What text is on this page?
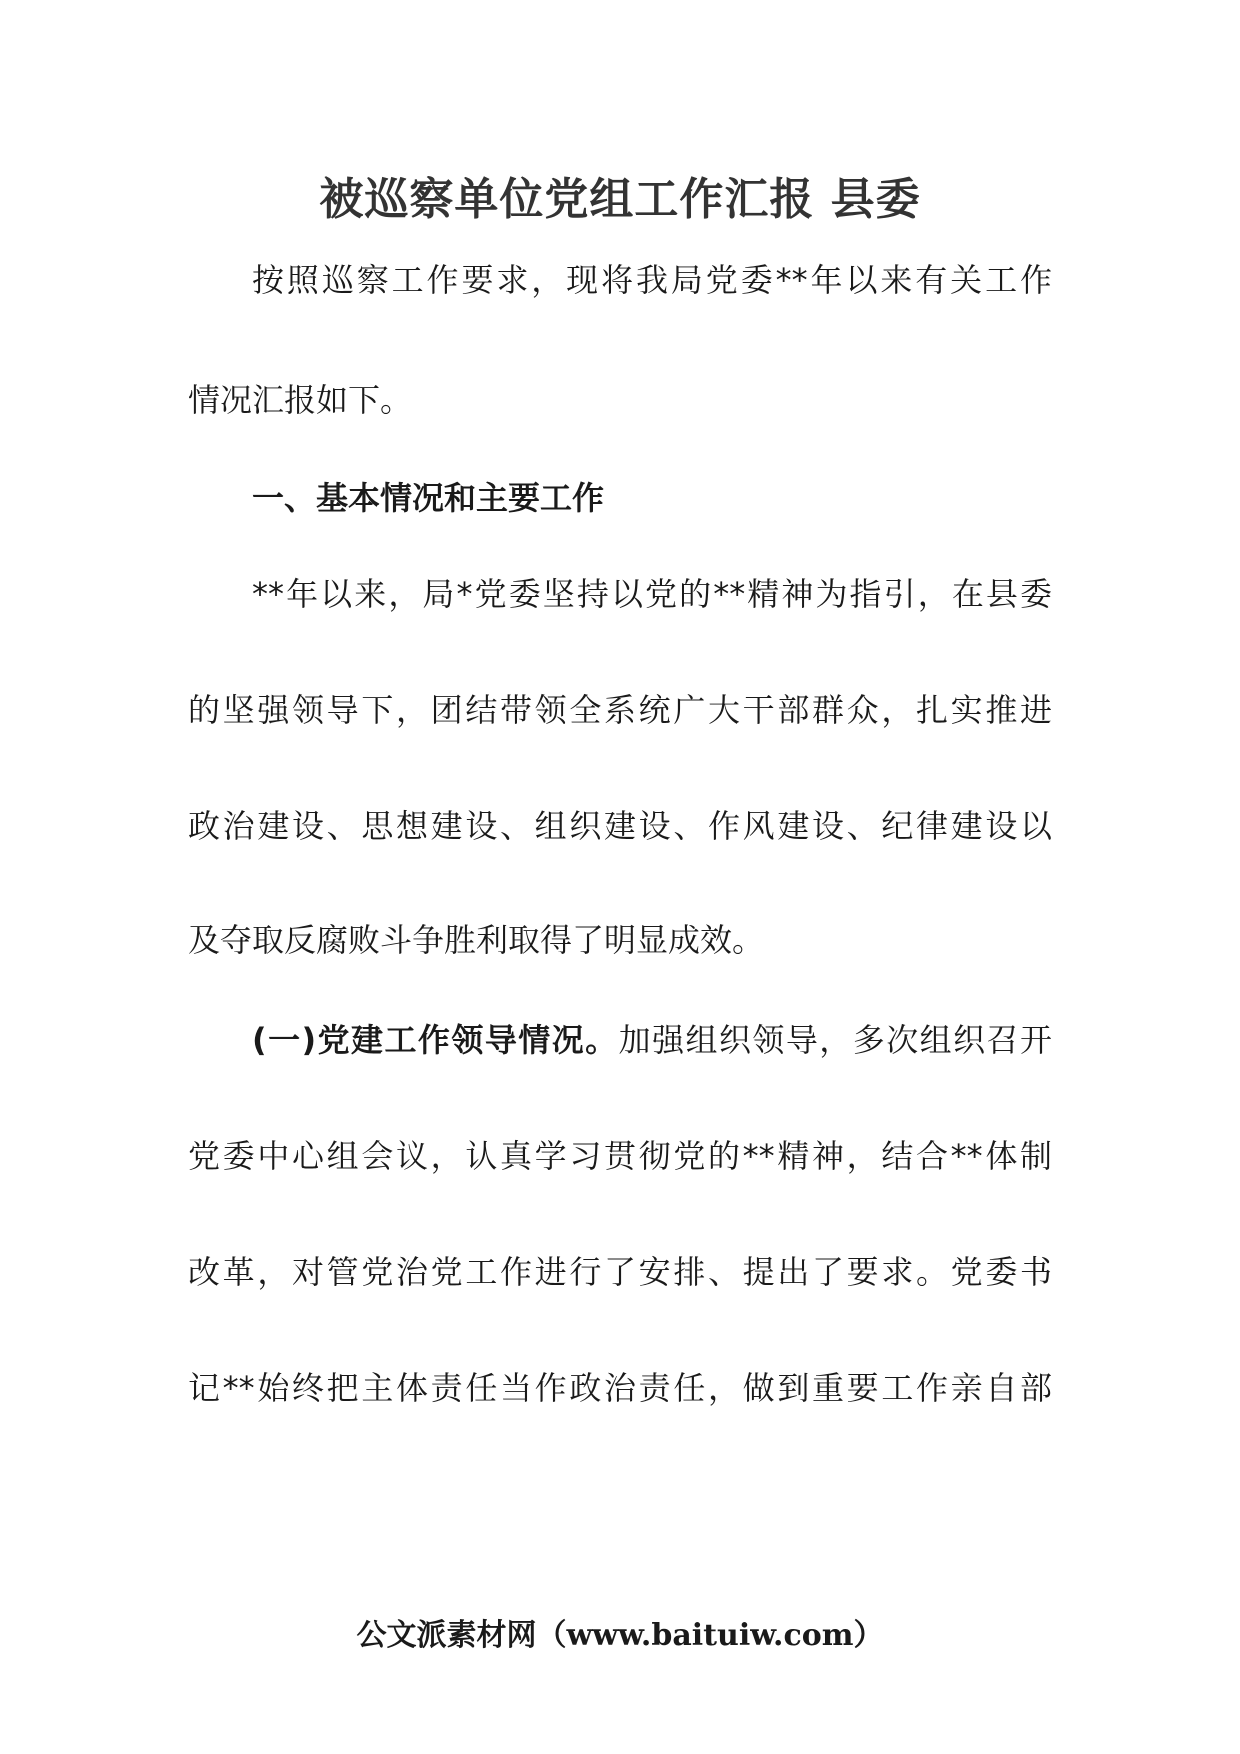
被巡察单位党组工作汇报 县委

按照巡察工作要求，现将我局党委**年以来有关工作

情况汇报如下。

一、基本情况和主要工作

**年以来，局*党委坚持以党的**精神为指引，在县委

的坚强领导下，团结带领全系统广大干部群众，扎实推进

政治建设、思想建设、组织建设、作风建设、纪律建设以

及夺取反腐败斗争胜利取得了明显成效。

(一)党建工作领导情况。加强组织领导，多次组织召开

党委中心组会议，认真学习贯彻党的**精神，结合**体制

改革，对管党治党工作进行了安排、提出了要求。党委书

记**始终把主体责任当作政治责任，做到重要工作亲自部

公文派素材网（www.baituiw.com）
